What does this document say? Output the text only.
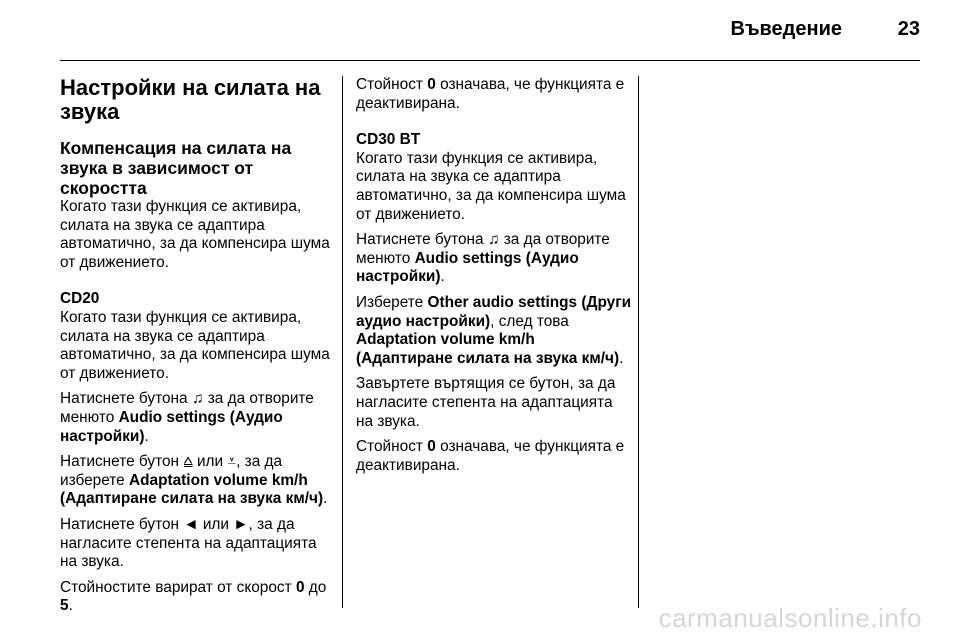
Въведение	23
Настройки на силата на звука
Компенсация на силата на звука в зависимост от скоростта

Когато тази функция се активира, силата на звука се адаптира автоматично, за да компенсира шума от движението.

CD20

Когато тази функция се активира, силата на звука се адаптира автоматично, за да компенсира шума от движението.

Натиснете бутона ♫ за да отворите менюто Audio settings (Аудио настройки).

Натиснете бутон ⩠ или ⩡, за да изберете Adaptation volume km/h (Адаптиране силата на звука км/ч).

Натиснете бутон ◄ или ►, за да нагласите степента на адаптацията на звука.

Стойностите варират от скорост 0 до 5.

Стойност 0 означава, че функцията е деактивирана.

CD30 BT

Когато тази функция се активира, силата на звука се адаптира автоматично, за да компенсира шума от движението.

Натиснете бутона ♫ за да отворите менюто Audio settings (Аудио настройки).

Изберете Other audio settings (Други аудио настройки), след това Adaptation volume km/h (Адаптиране силата на звука км/ч).

Завъртете въртящия се бутон, за да нагласите степента на адаптацията на звука.

Стойност 0 означава, че функцията е деактивирана.

carmanualsonline.info
